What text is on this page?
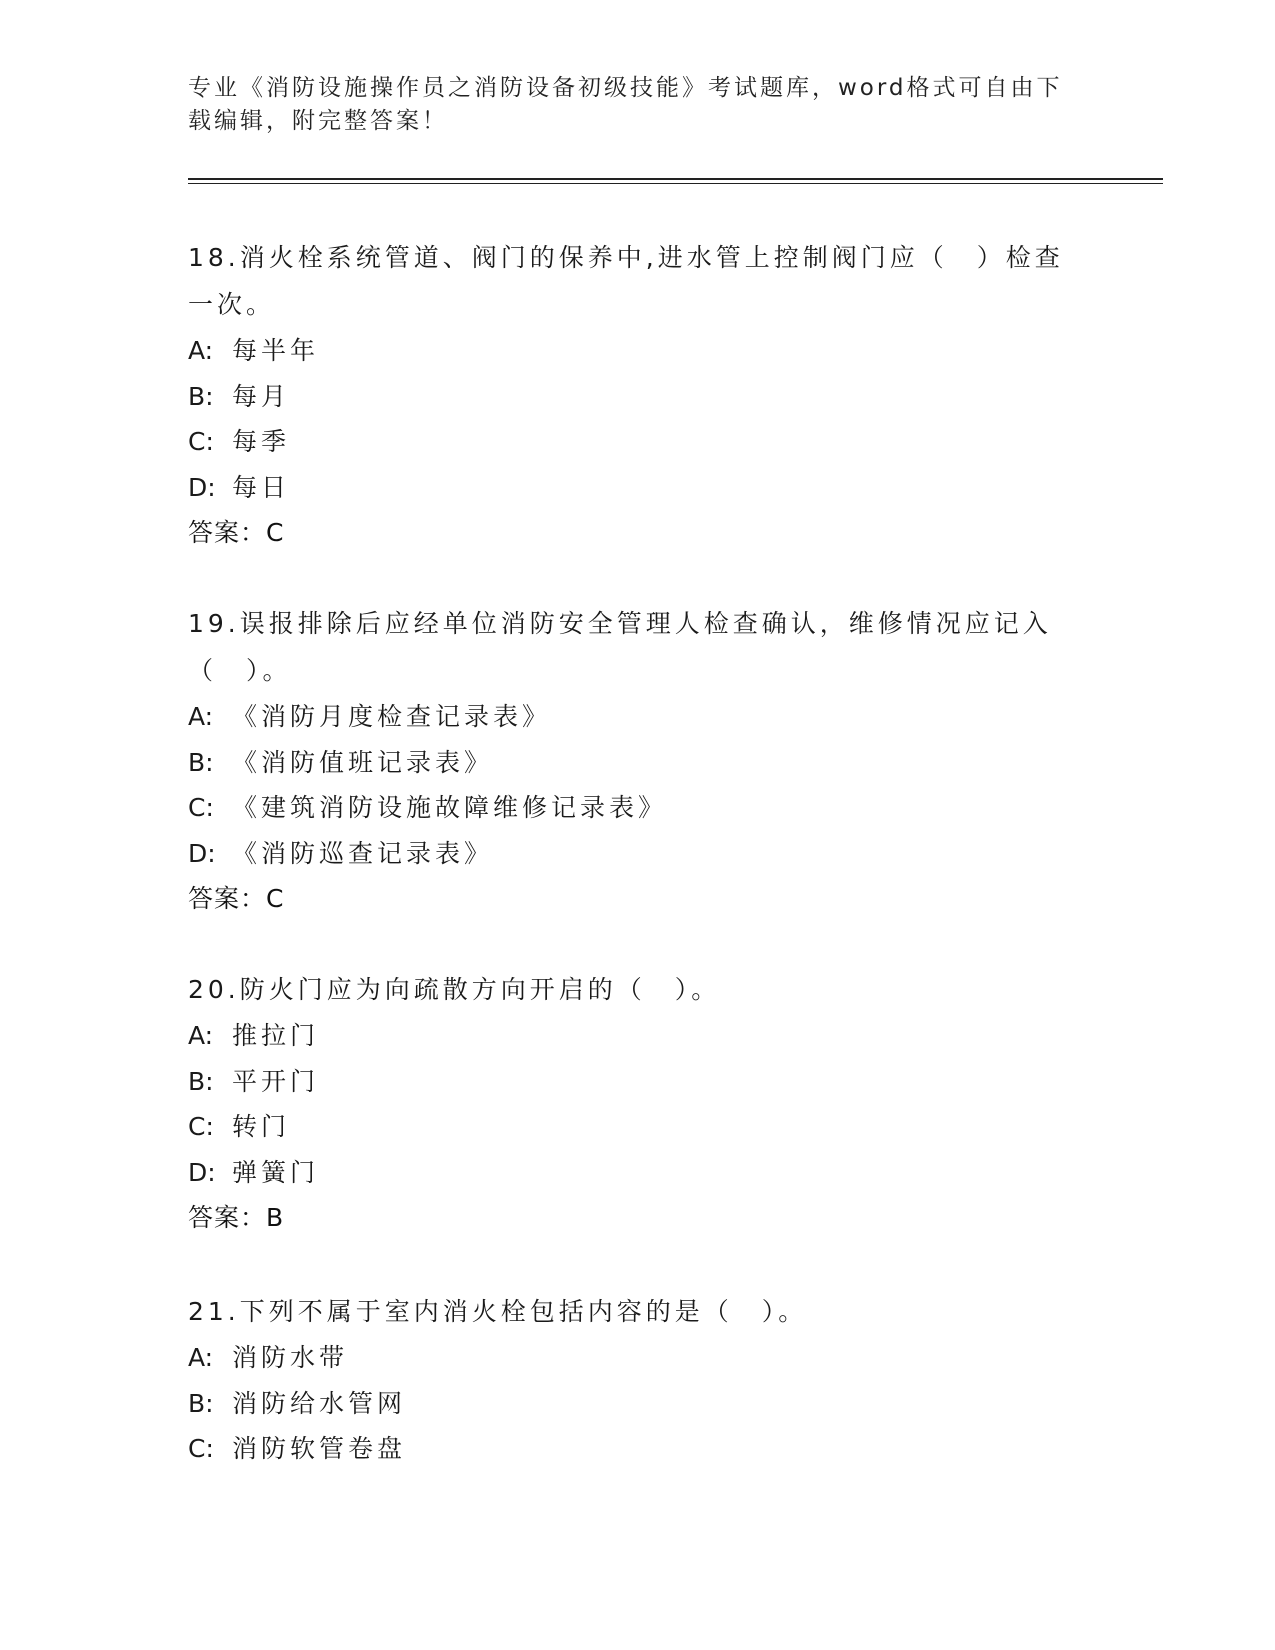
专业《消防设施操作员之消防设备初级技能》考试题库，word格式可自由下载编辑，附完整答案！

18.消火栓系统管道、阀门的保养中,进水管上控制阀门应（　）检查一次。

A: 每半年

B: 每月

C: 每季

D: 每日

答案：C

19.误报排除后应经单位消防安全管理人检查确认，维修情况应记入（　）。

A: 《消防月度检查记录表》

B: 《消防值班记录表》

C: 《建筑消防设施故障维修记录表》

D: 《消防巡查记录表》

答案：C

20.防火门应为向疏散方向开启的（　）。

A: 推拉门

B: 平开门

C: 转门

D: 弹簧门

答案：B

21.下列不属于室内消火栓包括内容的是（　）。

A: 消防水带

B: 消防给水管网

C: 消防软管卷盘
